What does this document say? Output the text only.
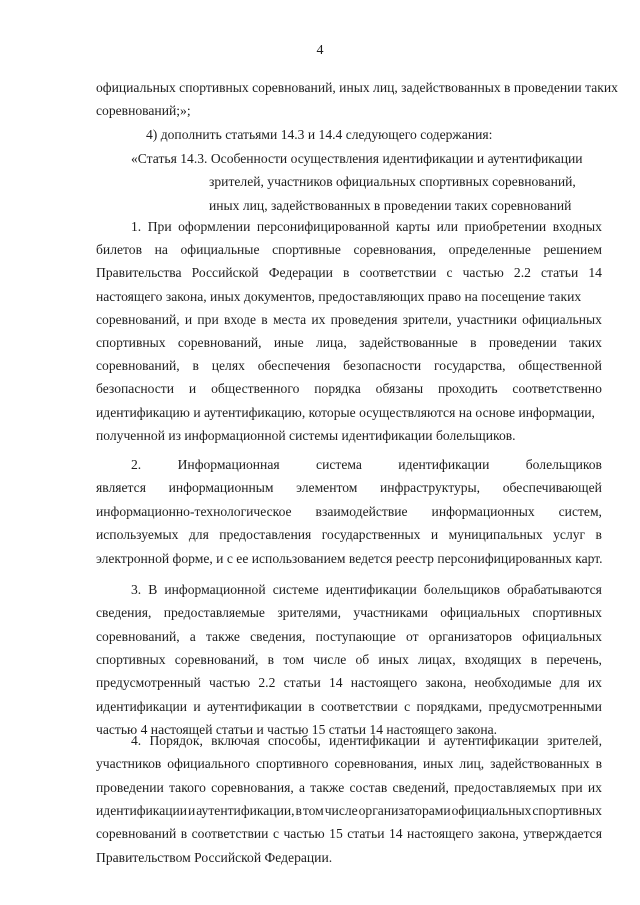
4
официальных спортивных соревнований, иных лиц, задействованных в проведении таких
соревнований;»;
4) дополнить статьями 14.3 и 14.4 следующего содержания:
«Статья 14.3. Особенности осуществления идентификации и аутентификации
зрителей, участников официальных спортивных соревнований,
иных лиц, задействованных в проведении таких соревнований
1. При оформлении персонифицированной карты или приобретении входных
билетов на официальные спортивные соревнования, определенные решением
Правительства Российской Федерации в соответствии с частью 2.2 статьи 14
настоящего закона, иных документов, предоставляющих право на посещение таких
соревнований, и при входе в места их проведения зрители, участники официальных
спортивных соревнований, иные лица, задействованные в проведении таких
соревнований, в целях обеспечения безопасности государства, общественной
безопасности и общественного порядка обязаны проходить соответственно
идентификацию и аутентификацию, которые осуществляются на основе информации,
полученной из информационной системы идентификации болельщиков.
2.	Информационная	система	идентификации	болельщиков
является информационным элементом инфраструктуры, обеспечивающей
информационно-технологическое взаимодействие информационных систем,
используемых для предоставления государственных и муниципальных услуг в
электронной форме, и с ее использованием ведется реестр персонифицированных карт.
3. В информационной системе идентификации болельщиков обрабатываются
сведения, предоставляемые зрителями, участниками официальных спортивных
соревнований, а также сведения, поступающие от организаторов официальных
спортивных соревнований, в том числе об иных лицах, входящих в перечень,
предусмотренный частью 2.2 статьи 14 настоящего закона, необходимые для их
идентификации и аутентификации в соответствии с порядками, предусмотренными
частью 4 настоящей статьи и частью 15 статьи 14 настоящего закона.
4. Порядок, включая способы, идентификации и аутентификации зрителей,
участников официального спортивного соревнования, иных лиц, задействованных в
проведении такого соревнования, а также состав сведений, предоставляемых при их
идентификации и аутентификации, в том числе организаторами официальных спортивных
соревнований в соответствии с частью 15 статьи 14 настоящего закона, утверждается
Правительством Российской Федерации.
